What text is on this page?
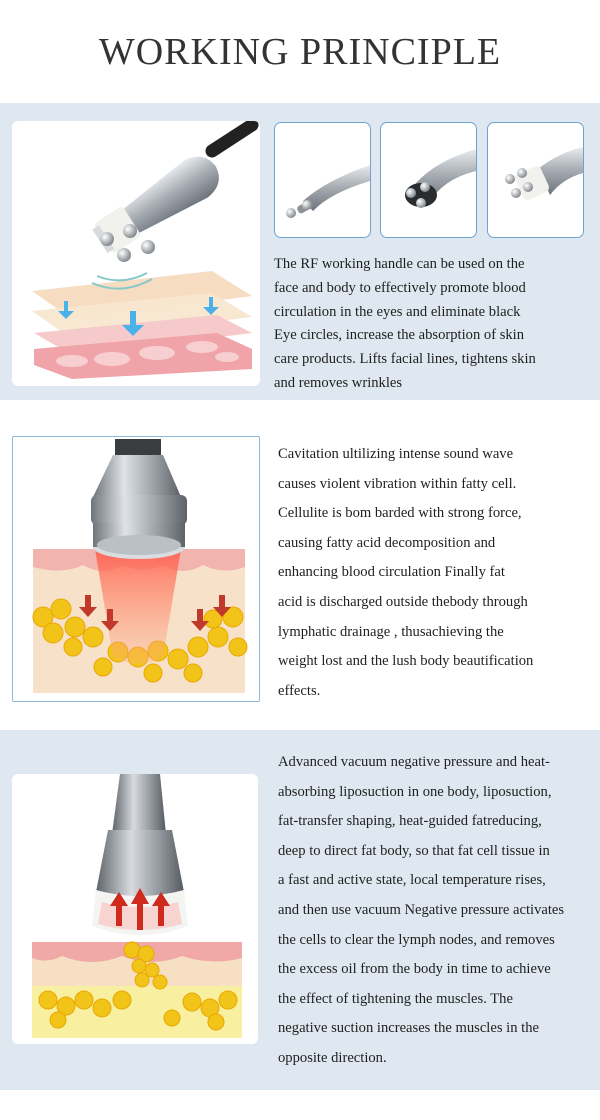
WORKING PRINCIPLE
The RF working handle can be used on the
face and body to effectively promote blood
circulation in the eyes and eliminate black
Eye circles, increase the absorption of skin
care products. Lifts facial lines, tightens skin
and removes wrinkles
Cavitation ultilizing intense sound wave
causes violent vibration within fatty cell.
Cellulite is bom barded with strong force,
causing fatty acid decomposition and
enhancing blood circulation Finally fat
acid is discharged outside thebody through
lymphatic drainage , thusachieving the
weight lost and the lush body beautification
effects.
Advanced vacuum negative pressure and heat-
absorbing liposuction in one body, liposuction,
fat-transfer shaping, heat-guided fatreducing,
deep to direct fat body, so that fat cell tissue in
a fast and active state, local temperature rises,
and then use vacuum Negative pressure activates
the cells to clear the lymph nodes, and removes
the excess oil from the body in time to achieve
the effect of tightening the muscles. The
negative suction increases the muscles in the
opposite direction.
